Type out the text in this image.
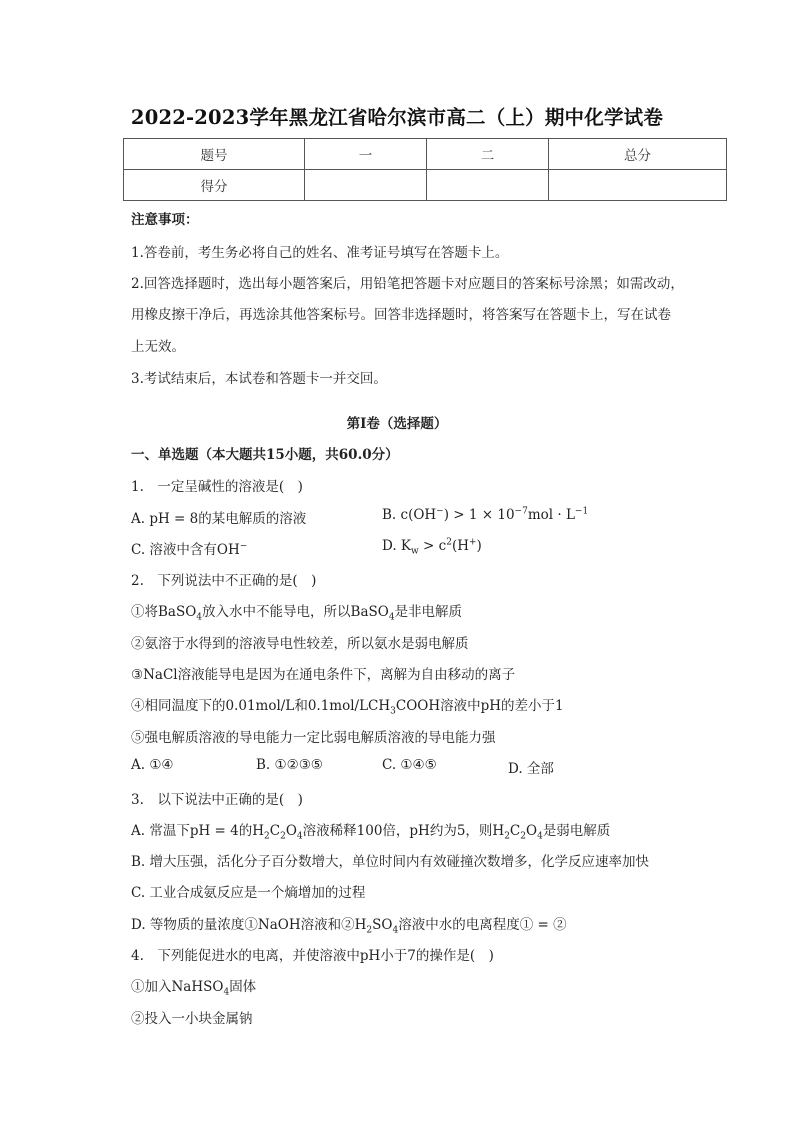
2022-2023学年黑龙江省哈尔滨市高二（上）期中化学试卷
题号	一	二	总分
得分			
注意事项：
1.答卷前，考生务必将自己的姓名、准考证号填写在答题卡上。
2.回答选择题时，选出每小题答案后，用铅笔把答题卡对应题目的答案标号涂黑；如需改动，
用橡皮擦干净后，再选涂其他答案标号。回答非选择题时，将答案写在答题卡上，写在试卷
上无效。
3.考试结束后，本试卷和答题卡一并交回。
第Ⅰ卷（选择题）
一、单选题（本大题共15小题，共60.0分）
1.　一定呈碱性的溶液是(　)
A. pH = 8的某电解质的溶液	B. $c(OH^-) > 1 \times 10^{-7}mol \cdot L^{-1}$
C. 溶液中含有OH−	D. $K_w > c^2(H^+)$
2.　下列说法中不正确的是(　)
①将BaSO$_4$放入水中不能导电，所以BaSO$_4$是非电解质
②氨溶于水得到的溶液导电性较差，所以氨水是弱电解质
③NaCl溶液能导电是因为在通电条件下，离解为自由移动的离子
④相同温度下的0.01mol/L和$0.1mol/LCH_3COOH$溶液中pH的差小于1
⑤强电解质溶液的导电能力一定比弱电解质溶液的导电能力强
A. ①④	B. ①②③⑤	C. ①④⑤	D. 全部
3.　以下说法中正确的是(　)
A. 常温下pH = 4的$H_2C_2O_4$溶液稀释100倍，pH约为5，则$H_2C_2O_4$是弱电解质
B. 增大压强，活化分子百分数增大，单位时间内有效碰撞次数增多，化学反应速率加快
C. 工业合成氨反应是一个熵增加的过程
D. 等物质的量浓度①NaOH溶液和$②H_2SO_4$溶液中水的电离程度① = ②
4.　下列能促进水的电离，并使溶液中pH小于7的操作是(　)
①加入NaHSO$_4$固体
②投入一小块金属钠
